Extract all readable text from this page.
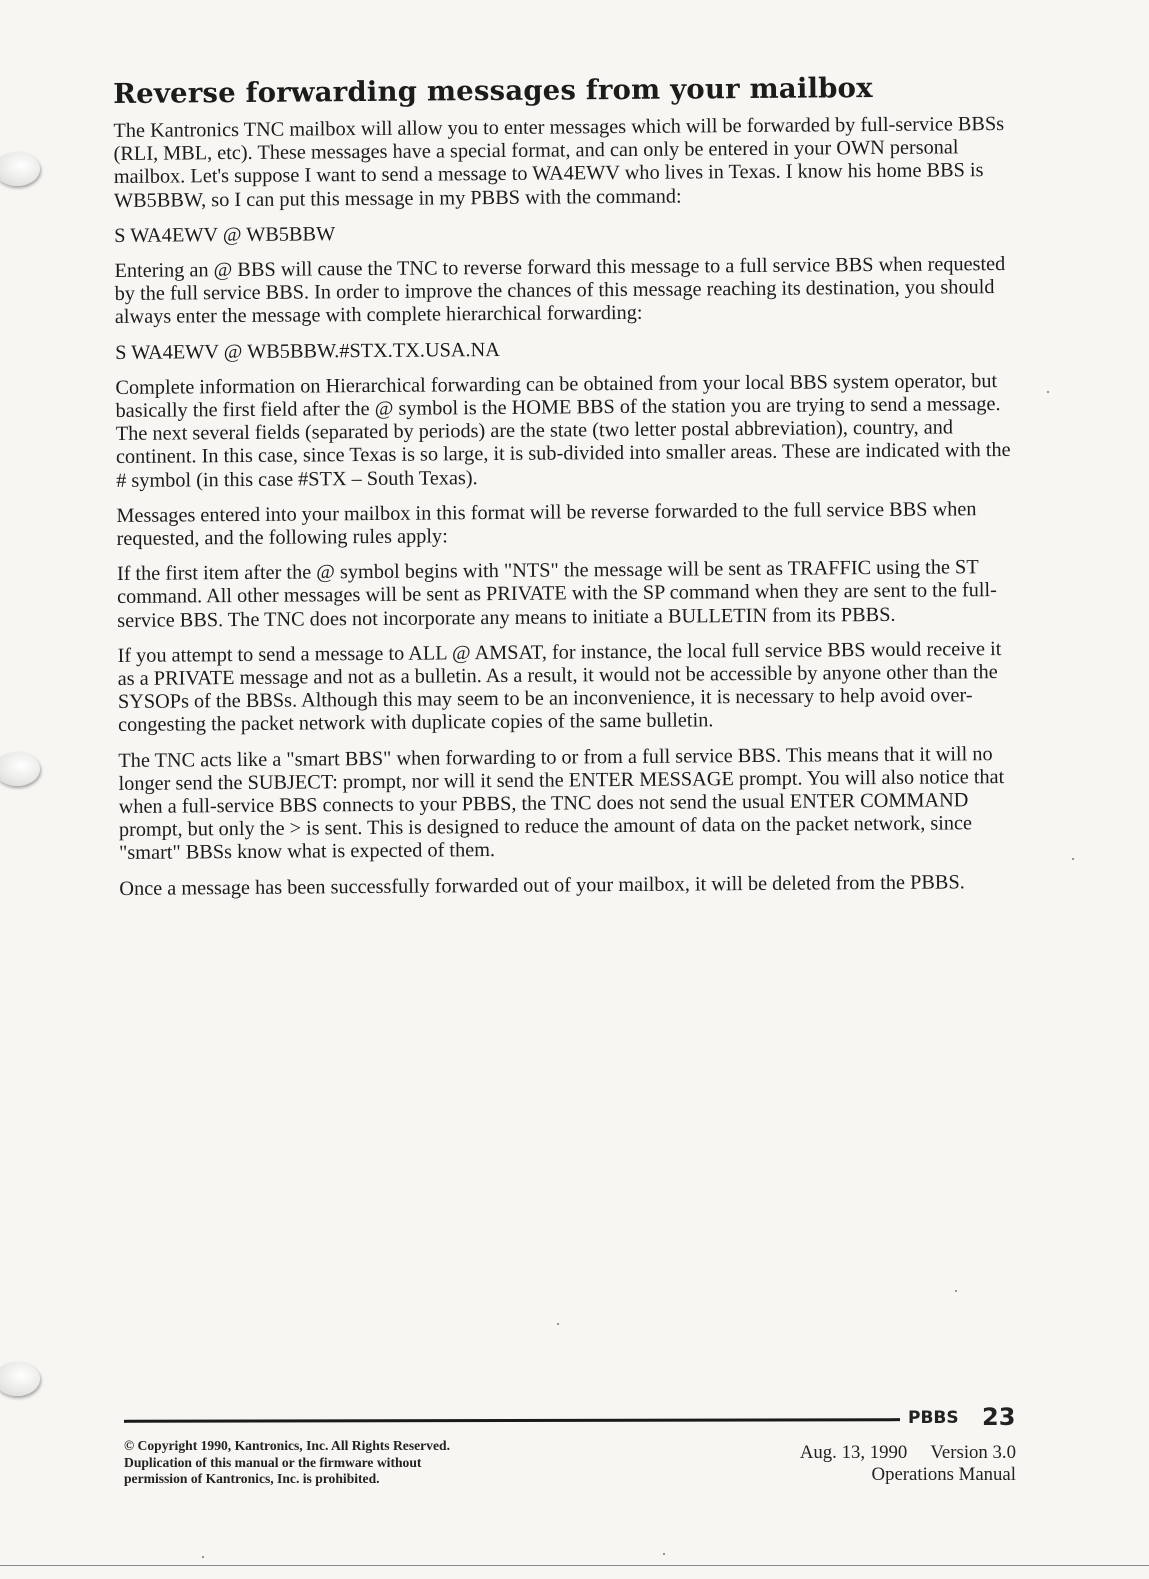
Reverse forwarding messages from your mailbox

The Kantronics TNC mailbox will allow you to enter messages which will be forwarded by full-service BBSs (RLI, MBL, etc). These messages have a special format, and can only be entered in your OWN personal mailbox. Let's suppose I want to send a message to WA4EWV who lives in Texas. I know his home BBS is WB5BBW, so I can put this message in my PBBS with the command:

S WA4EWV @ WB5BBW

Entering an @ BBS will cause the TNC to reverse forward this message to a full service BBS when requested by the full service BBS. In order to improve the chances of this message reaching its destination, you should always enter the message with complete hierarchical forwarding:

S WA4EWV @ WB5BBW.#STX.TX.USA.NA

Complete information on Hierarchical forwarding can be obtained from your local BBS system operator, but basically the first field after the @ symbol is the HOME BBS of the station you are trying to send a message. The next several fields (separated by periods) are the state (two letter postal abbreviation), country, and continent. In this case, since Texas is so large, it is sub-divided into smaller areas. These are indicated with the # symbol (in this case #STX – South Texas).

Messages entered into your mailbox in this format will be reverse forwarded to the full service BBS when requested, and the following rules apply:

If the first item after the @ symbol begins with "NTS" the message will be sent as TRAFFIC using the ST command. All other messages will be sent as PRIVATE with the SP command when they are sent to the full-service BBS. The TNC does not incorporate any means to initiate a BULLETIN from its PBBS.

If you attempt to send a message to ALL @ AMSAT, for instance, the local full service BBS would receive it as a PRIVATE message and not as a bulletin. As a result, it would not be accessible by anyone other than the SYSOPs of the BBSs. Although this may seem to be an inconvenience, it is necessary to help avoid over-congesting the packet network with duplicate copies of the same bulletin.

The TNC acts like a "smart BBS" when forwarding to or from a full service BBS. This means that it will no longer send the SUBJECT: prompt, nor will it send the ENTER MESSAGE prompt. You will also notice that when a full-service BBS connects to your PBBS, the TNC does not send the usual ENTER COMMAND prompt, but only the > is sent. This is designed to reduce the amount of data on the packet network, since "smart" BBSs know what is expected of them.

Once a message has been successfully forwarded out of your mailbox, it will be deleted from the PBBS.

PBBS 23
© Copyright 1990, Kantronics, Inc. All Rights Reserved.
Duplication of this manual or the firmware without
permission of Kantronics, Inc. is prohibited.
Aug. 13, 1990     Version 3.0
Operations Manual
